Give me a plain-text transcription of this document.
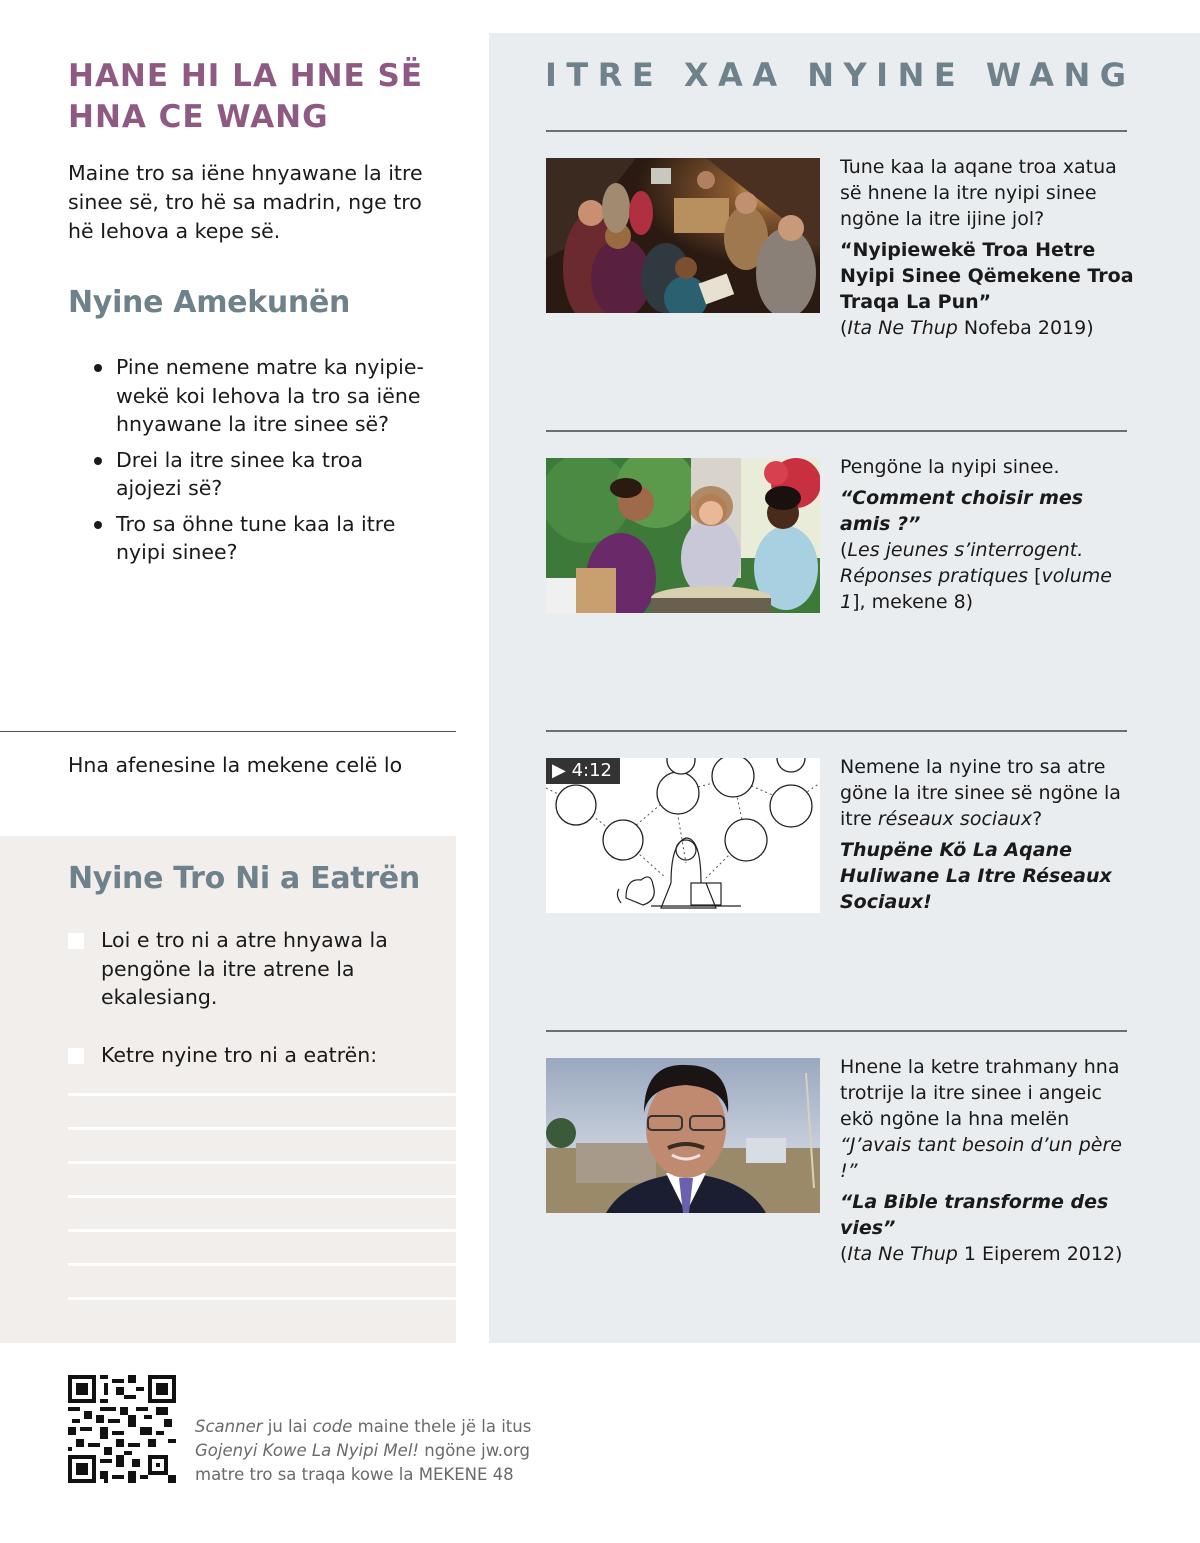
HANE HI LA HNE SË
HNA CE WANG

Maine tro sa iëne hnyawane la itre sinee së, tro hë sa madrin, nge tro hë Iehova a kepe së.

Nyine Amekunën
Pine nemene matre ka nyipiewekë koi Iehova la tro sa iëne hnyawane la itre sinee së?
Drei la itre sinee ka troa ajojezi së?
Tro sa öhne tune kaa la itre nyipi sinee?

Hna afenesine la mekene celë lo

Nyine Tro Ni a Eatrën
Loi e tro ni a atre hnyawa la pengöne la itre atrene la ekalesiang.
Ketre nyine tro ni a eatrën:
ITRE XAA NYINE WANG

Tune kaa la aqane troa xatua së hnene la itre nyipi sinee ngöne la itre ijine jol?

“Nyipiewekë Troa Hetre Nyipi Sinee Qëmekene Troa Traqa La Pun”

(Ita Ne Thup Nofeba 2019)

Pengöne la nyipi sinee.

“Comment choisir mes amis ?”

(Les jeunes s’interrogent. Réponses pratiques [volume 1], mekene 8)

▶ 4:12	Nemene la nyine tro sa atre göne la itre sinee së ngöne la itre réseaux sociaux?

Thupëne Kö La Aqane Huliwane La Itre Réseaux Sociaux!

Hnene la ketre trahmany hna trotrije la itre sinee i angeic ekö ngöne la hna melën “J’avais tant besoin d’un père !”

“La Bible transforme des vies”

(Ita Ne Thup 1 Eiperem 2012)

Scanner ju lai code maine thele jë la itus
Gojenyi Kowe La Nyipi Mel! ngöne jw.org
matre tro sa traqa kowe la MEKENE 48
